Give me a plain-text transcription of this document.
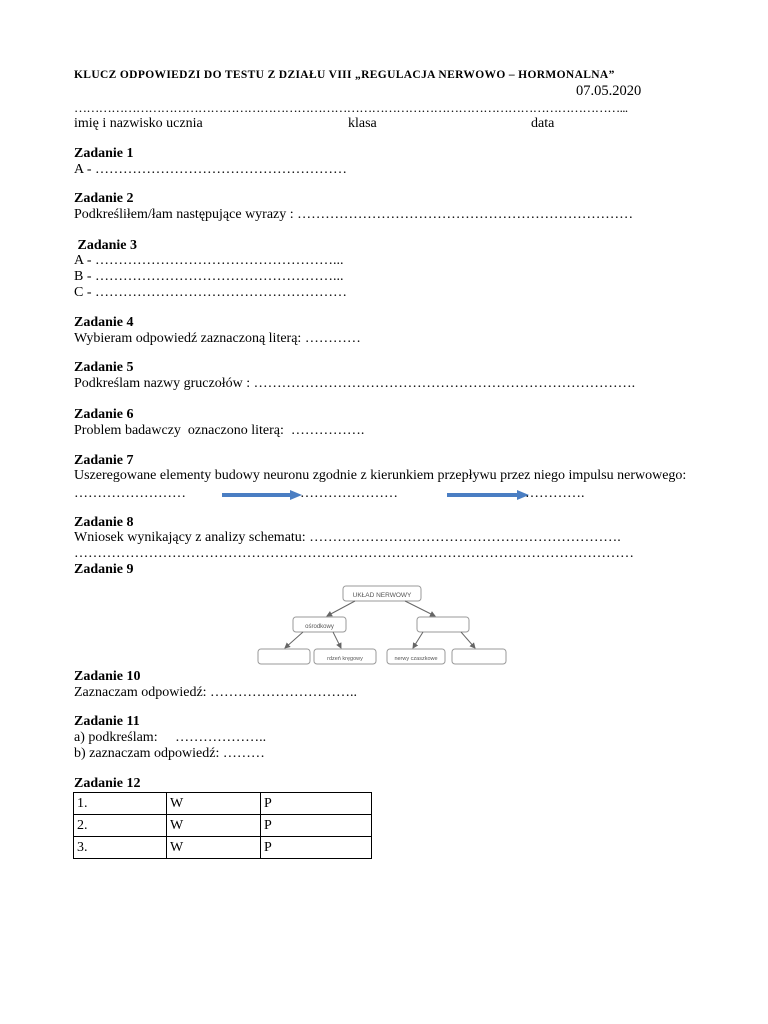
KLUCZ ODPOWIEDZI DO TESTU Z DZIAŁU VIII „REGULACJA NERWOWO – HORMONALNA”
07.05.2020
……………………………………………………………………………………………………………………...
imię i nazwisko ucznia	klasa	data
Zadanie 1
A - ………………………………………………
Zadanie 2
Podkreśliłem/łam następujące wyrazy : ………………………………………………………………
Zadanie 3
A - ……………………………………………...
B - ……………………………………………...
C - ………………………………………………
Zadanie 4
Wybieram odpowiedź zaznaczoną literą: …………
Zadanie 5
Podkreślam nazwy gruczołów : ……………………………………………………………………….
Zadanie 6
Problem badawczy  oznaczono literą:  …………….
Zadanie 7
Uszeregowane elementy budowy neuronu zgodnie z kierunkiem przepływu przez niego impulsu nerwowego:
……………………	…………………	………….
Zadanie 8
Wniosek wynikający z analizy schematu: ………………………………………………………….
…………………………………………………………………………………………………………
Zadanie 9
UKŁAD NERWOWY
ośrodkowy
rdzeń kręgowy	nerwy czaszkowe
Zadanie 10
Zaznaczam odpowiedź: …………………………..
Zadanie 11
a) podkreślam:     ………………..
b) zaznaczam odpowiedź: ………
Zadanie 12
1.	W	P
2.	W	P
3.	W	P
